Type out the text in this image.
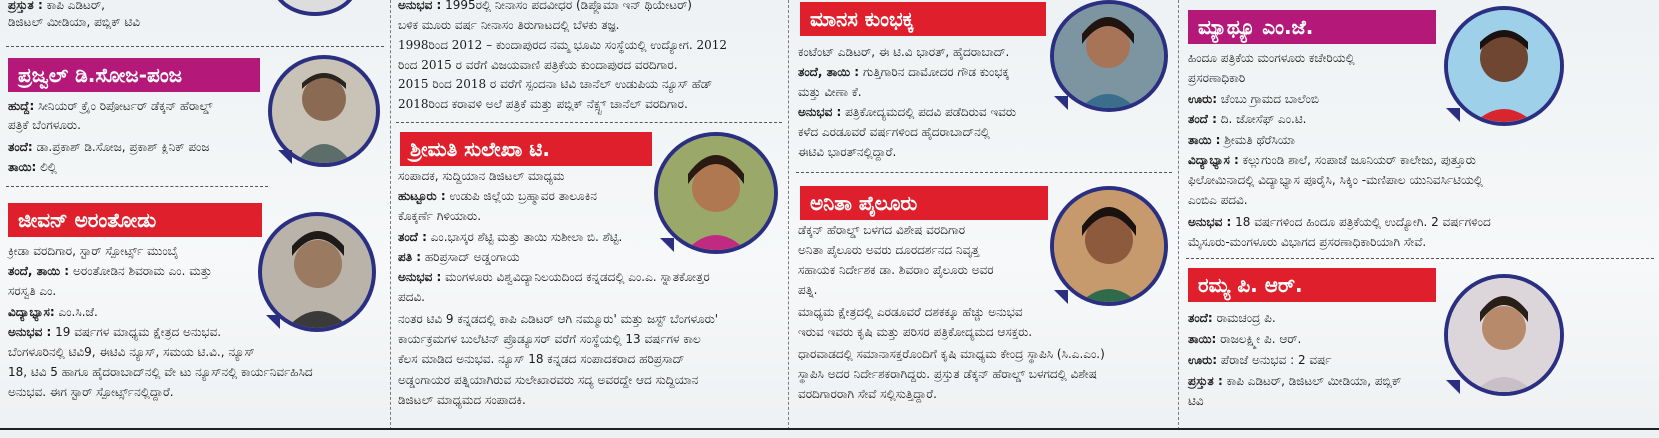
ಪ್ರಸ್ತುತ : ಕಾಪಿ ಎಡಿಟರ್,
ಡಿಜಿಟಲ್ ಮೀಡಿಯಾ, ಪಬ್ಲಿಕ್ ಟಿವಿ
ಪ್ರಜ್ವಲ್ ಡಿ.ಸೋಜ-ಪಂಜ
ಹುದ್ದೆ: ಸೀನಿಯರ್ ಕ್ರೈಂ ರಿಪೋರ್ಟರ್ ಡೆಕ್ಕನ್ ಹೆರಾಲ್ಡ್
ಪತ್ರಿಕೆ ಬೆಂಗಳೂರು.
ತಂದೆ: ಡಾ.ಪ್ರಕಾಶ್ ಡಿ.ಸೋಜ, ಪ್ರಕಾಶ್ ಕ್ಲಿನಿಕ್ ಪಂಜ
ತಾಯಿ: ಲಿಲ್ಲಿ
ಜೀವನ್ ಅರಂತೋಡು
ಕ್ರೀಡಾ ವರದಿಗಾರ, ಸ್ಟಾರ್ ಸ್ಪೋರ್ಟ್ಸ್ ಮುಂಬೈ
ತಂದೆ, ತಾಯಿ : ಅರಂತೋಡಿನ ಶಿವರಾಮ ಎಂ. ಮತ್ತು
ಸರಸ್ವತಿ ಎಂ.
ವಿದ್ಯಾಭ್ಯಾಸ: ಎಂ.ಸಿ.ಜೆ.
ಅನುಭವ : 19 ವರ್ಷಗಳ ಮಾಧ್ಯಮ ಕ್ಷೇತ್ರದ ಅನುಭವ.
ಬೆಂಗಳೂರಿನಲ್ಲಿ ಟಿವಿ9, ಈಟಿವಿ ನ್ಯೂಸ್, ಸಮಯ ಟಿ.ವಿ., ನ್ಯೂಸ್
18, ಟಿವಿ 5 ಹಾಗೂ ಹೈದರಾಬಾದ್‌ನಲ್ಲಿ ವೇ ಟು ನ್ಯೂಸ್‌ನಲ್ಲಿ ಕಾರ್ಯನಿರ್ವಹಿಸಿದ
ಅನುಭವ. ಈಗ ಸ್ಟಾರ್ ಸ್ಪೋರ್ಟ್ಸ್‌ನಲ್ಲಿದ್ದಾರೆ.
ಅನುಭವ : 1995ರಲ್ಲಿ ನೀನಾಸಂ ಪದವೀಧರ (ಡಿಪ್ಲೊಮಾ ಇನ್ ಥಿಯೇಟರ್)
ಬಳಿಕ ಮೂರು ವರ್ಷ ನೀನಾಸಂ ತಿರುಗಾಟದಲ್ಲಿ ಬೆಳಕು ತಜ್ಞ.
1998ರಿಂದ 2012 – ಕುಂದಾಪುರದ ನಮ್ಮ ಭೂಮಿ ಸಂಸ್ಥೆಯಲ್ಲಿ ಉದ್ಯೋಗ. 2012
ರಿಂದ 2015 ರ ವರೆಗೆ ವಿಜಯವಾಣಿ ಪತ್ರಿಕೆಯ ಕುಂದಾಪುರದ ವರದಿಗಾರ.
2015 ರಿಂದ 2018 ರ ವರೆಗೆ ಸ್ಪಂದನಾ ಟಿವಿ ಚಾನೆಲ್ ಉಡುಪಿಯ ನ್ಯೂಸ್ ಹೆಡ್
2018ರಿಂದ ಕರಾವಳಿ ಅಲೆ ಪತ್ರಿಕೆ ಮತ್ತು ಪಬ್ಲಿಕ್ ನೆಕ್ಸ್ಟ್ ಚಾನೆಲ್ ವರದಿಗಾರ.
ಶ್ರೀಮತಿ ಸುಲೇಖಾ ಟಿ.
ಸಂಪಾದಕ, ಸುದ್ದಿಯಾನ ಡಿಜಿಟಲ್ ಮಾಧ್ಯಮ
ಹುಟ್ಟೂರು : ಉಡುಪಿ ಜಿಲ್ಲೆಯ ಬ್ರಹ್ಮಾವರ ತಾಲೂಕಿನ
ಕೊಕ್ಕರ್ಣೆ ಗಿಳಿಯಾರು.
ತಂದೆ : ಎಂ.ಭಾಸ್ಕರ ಶೆಟ್ಟಿ ಮತ್ತು ತಾಯಿ ಸುಶೀಲಾ ಬಿ. ಶೆಟ್ಟಿ.
ಪತಿ : ಹರಿಪ್ರಸಾದ್ ಅಡ್ಡಂಗಾಯ
ಅನುಭವ : ಮಂಗಳೂರು ವಿಶ್ವವಿದ್ಯಾನಿಲಯದಿಂದ ಕನ್ನಡದಲ್ಲಿ ಎಂ.ಎ. ಸ್ನಾತಕೋತ್ತರ
ಪದವಿ.
ನಂತರ ಟಿವಿ 9 ಕನ್ನಡದಲ್ಲಿ ಕಾಪಿ ಎಡಿಟರ್ ಆಗಿ ನಮ್ಮೂರು' ಮತ್ತು ಜಸ್ಟ್ ಬೆಂಗಳೂರು'
ಕಾರ್ಯಕ್ರಮಗಳ ಬುಲೆಟಿನ್ ಪ್ರೊಡ್ಯೂಸರ್ ವರೆಗೆ ಸಂಸ್ಥೆಯಲ್ಲಿ 13 ವರ್ಷಗಳ ಕಾಲ
ಕೆಲಸ ಮಾಡಿದ ಅನುಭವ. ನ್ಯೂಸ್ 18 ಕನ್ನಡದ ಸಂಪಾದಕರಾದ ಹರಿಪ್ರಸಾದ್
ಅಡ್ಡಂಗಾಯರ ಪತ್ನಿಯಾಗಿರುವ ಸುಲೇಖಾರವರು ಸದ್ಯ ಅವರದ್ದೇ ಆದ ಸುದ್ದಿಯಾನ
ಡಿಜಿಟಲ್ ಮಾಧ್ಯಮದ ಸಂಪಾದಕಿ.
ಮಾನಸ ಕುಂಭಕ್ಕ
ಕಂಟೆಂಟ್ ಎಡಿಟರ್, ಈ ಟಿ.ವಿ ಭಾರತ್, ಹೈದರಾಬಾದ್.
ತಂದೆ, ತಾಯಿ : ಗುತ್ತಿಗಾರಿನ ದಾಮೋದರ ಗೌಡ ಕುಂಭಕ್ಕ
ಮತ್ತು ವೀಣಾ ಕೆ.
ಅನುಭವ : ಪತ್ರಿಕೋದ್ಯಮದಲ್ಲಿ ಪದವಿ ಪಡೆದಿರುವ ಇವರು
ಕಳೆದ ಎರಡೂವರೆ ವರ್ಷಗಳಿಂದ ಹೈದರಾಬಾದ್‌ನಲ್ಲಿ
ಈಟಿವಿ ಭಾರತ್‌ನಲ್ಲಿದ್ದಾರೆ.
ಅನಿತಾ ಪೈಲೂರು
ಡೆಕ್ಕನ್ ಹೆರಾಲ್ಡ್ ಬಳಗದ ವಿಶೇಷ ವರದಿಗಾರ
ಅನಿತಾ ಪೈಲೂರು ಅವರು ದೂರದರ್ಶನದ ನಿವೃತ್ತ
ಸಹಾಯಕ ನಿರ್ದೇಶಕ ಡಾ. ಶಿವರಾಂ ಪೈಲೂರು ಅವರ
ಪತ್ನಿ.
ಮಾಧ್ಯಮ ಕ್ಷೇತ್ರದಲ್ಲಿ ಎರಡೂವರೆ ದಶಕಕ್ಕೂ ಹೆಚ್ಚು ಅನುಭವ
ಇರುವ ಇವರು ಕೃಷಿ ಮತ್ತು ಪರಿಸರ ಪತ್ರಿಕೋದ್ಯಮದ ಆಸಕ್ತರು.
ಧಾರವಾಡದಲ್ಲಿ ಸಮಾನಾಸಕ್ತರೊಂದಿಗೆ ಕೃಷಿ ಮಾಧ್ಯಮ ಕೇಂದ್ರ ಸ್ಥಾಪಿಸಿ (ಸಿ.ಎ.ಎಂ.)
ಸ್ಥಾಪಿಸಿ ಅದರ ನಿರ್ದೇಶಕರಾಗಿದ್ದರು. ಪ್ರಸ್ತುತ ಡೆಕ್ಕನ್ ಹೆರಾಲ್ಡ್ ಬಳಗದಲ್ಲಿ ವಿಶೇಷ
ವರದಿಗಾರರಾಗಿ ಸೇವೆ ಸಲ್ಲಿಸುತ್ತಿದ್ದಾರೆ.
ಮ್ಯಾಥ್ಯೂ ಎಂ.ಜೆ.
ಹಿಂದೂ ಪತ್ರಿಕೆಯ ಮಂಗಳೂರು ಕಚೇರಿಯಲ್ಲಿ
ಪ್ರಸರಣಾಧಿಕಾರಿ
ಊರು: ಚೆಂಬು ಗ್ರಾಮದ ಬಾಲೆಂಬಿ
ತಂದೆ : ದಿ. ಜೋಸೆಫ್ ಎಂ.ಟಿ.
ತಾಯಿ : ಶ್ರೀಮತಿ ಥೆರೆಸಿಯಾ
ವಿದ್ಯಾಭ್ಯಾಸ : ಕಲ್ಲುಗುಂಡಿ ಶಾಲೆ, ಸಂಪಾಜೆ ಜೂನಿಯರ್ ಕಾಲೇಜು, ಪುತ್ತೂರು
ಫಿಲೋಮಿನಾದಲ್ಲಿ ವಿದ್ಯಾಭ್ಯಾಸ ಪೂರೈಸಿ, ಸಿಕ್ಕಿಂ -ಮಣಿಪಾಲ ಯುನಿವರ್ಸಿಟಿಯಲ್ಲಿ
ಎಂಬಿಎ ಪದವಿ.
ಅನುಭವ : 18 ವರ್ಷಗಳಿಂದ ಹಿಂದೂ ಪತ್ರಿಕೆಯಲ್ಲಿ ಉದ್ಯೋಗಿ. 2 ವರ್ಷಗಳಿಂದ
ಮೈಸೂರು-ಮಂಗಳೂರು ವಿಭಾಗದ ಪ್ರಸರಣಾಧಿಕಾರಿಯಾಗಿ ಸೇವೆ.
ರಮ್ಯ ಪಿ. ಆರ್.
ತಂದೆ: ರಾಮಚಂದ್ರ ಪಿ.
ತಾಯಿ: ರಾಜಲಕ್ಷ್ಮೀ ಪಿ. ಆರ್.
ಊರು: ಪೆರಾಜೆ ಅನುಭವ : 2 ವರ್ಷ
ಪ್ರಸ್ತುತ : ಕಾಪಿ ಎಡಿಟರ್, ಡಿಜಿಟಲ್ ಮೀಡಿಯಾ, ಪಬ್ಲಿಕ್
ಟಿವಿ
